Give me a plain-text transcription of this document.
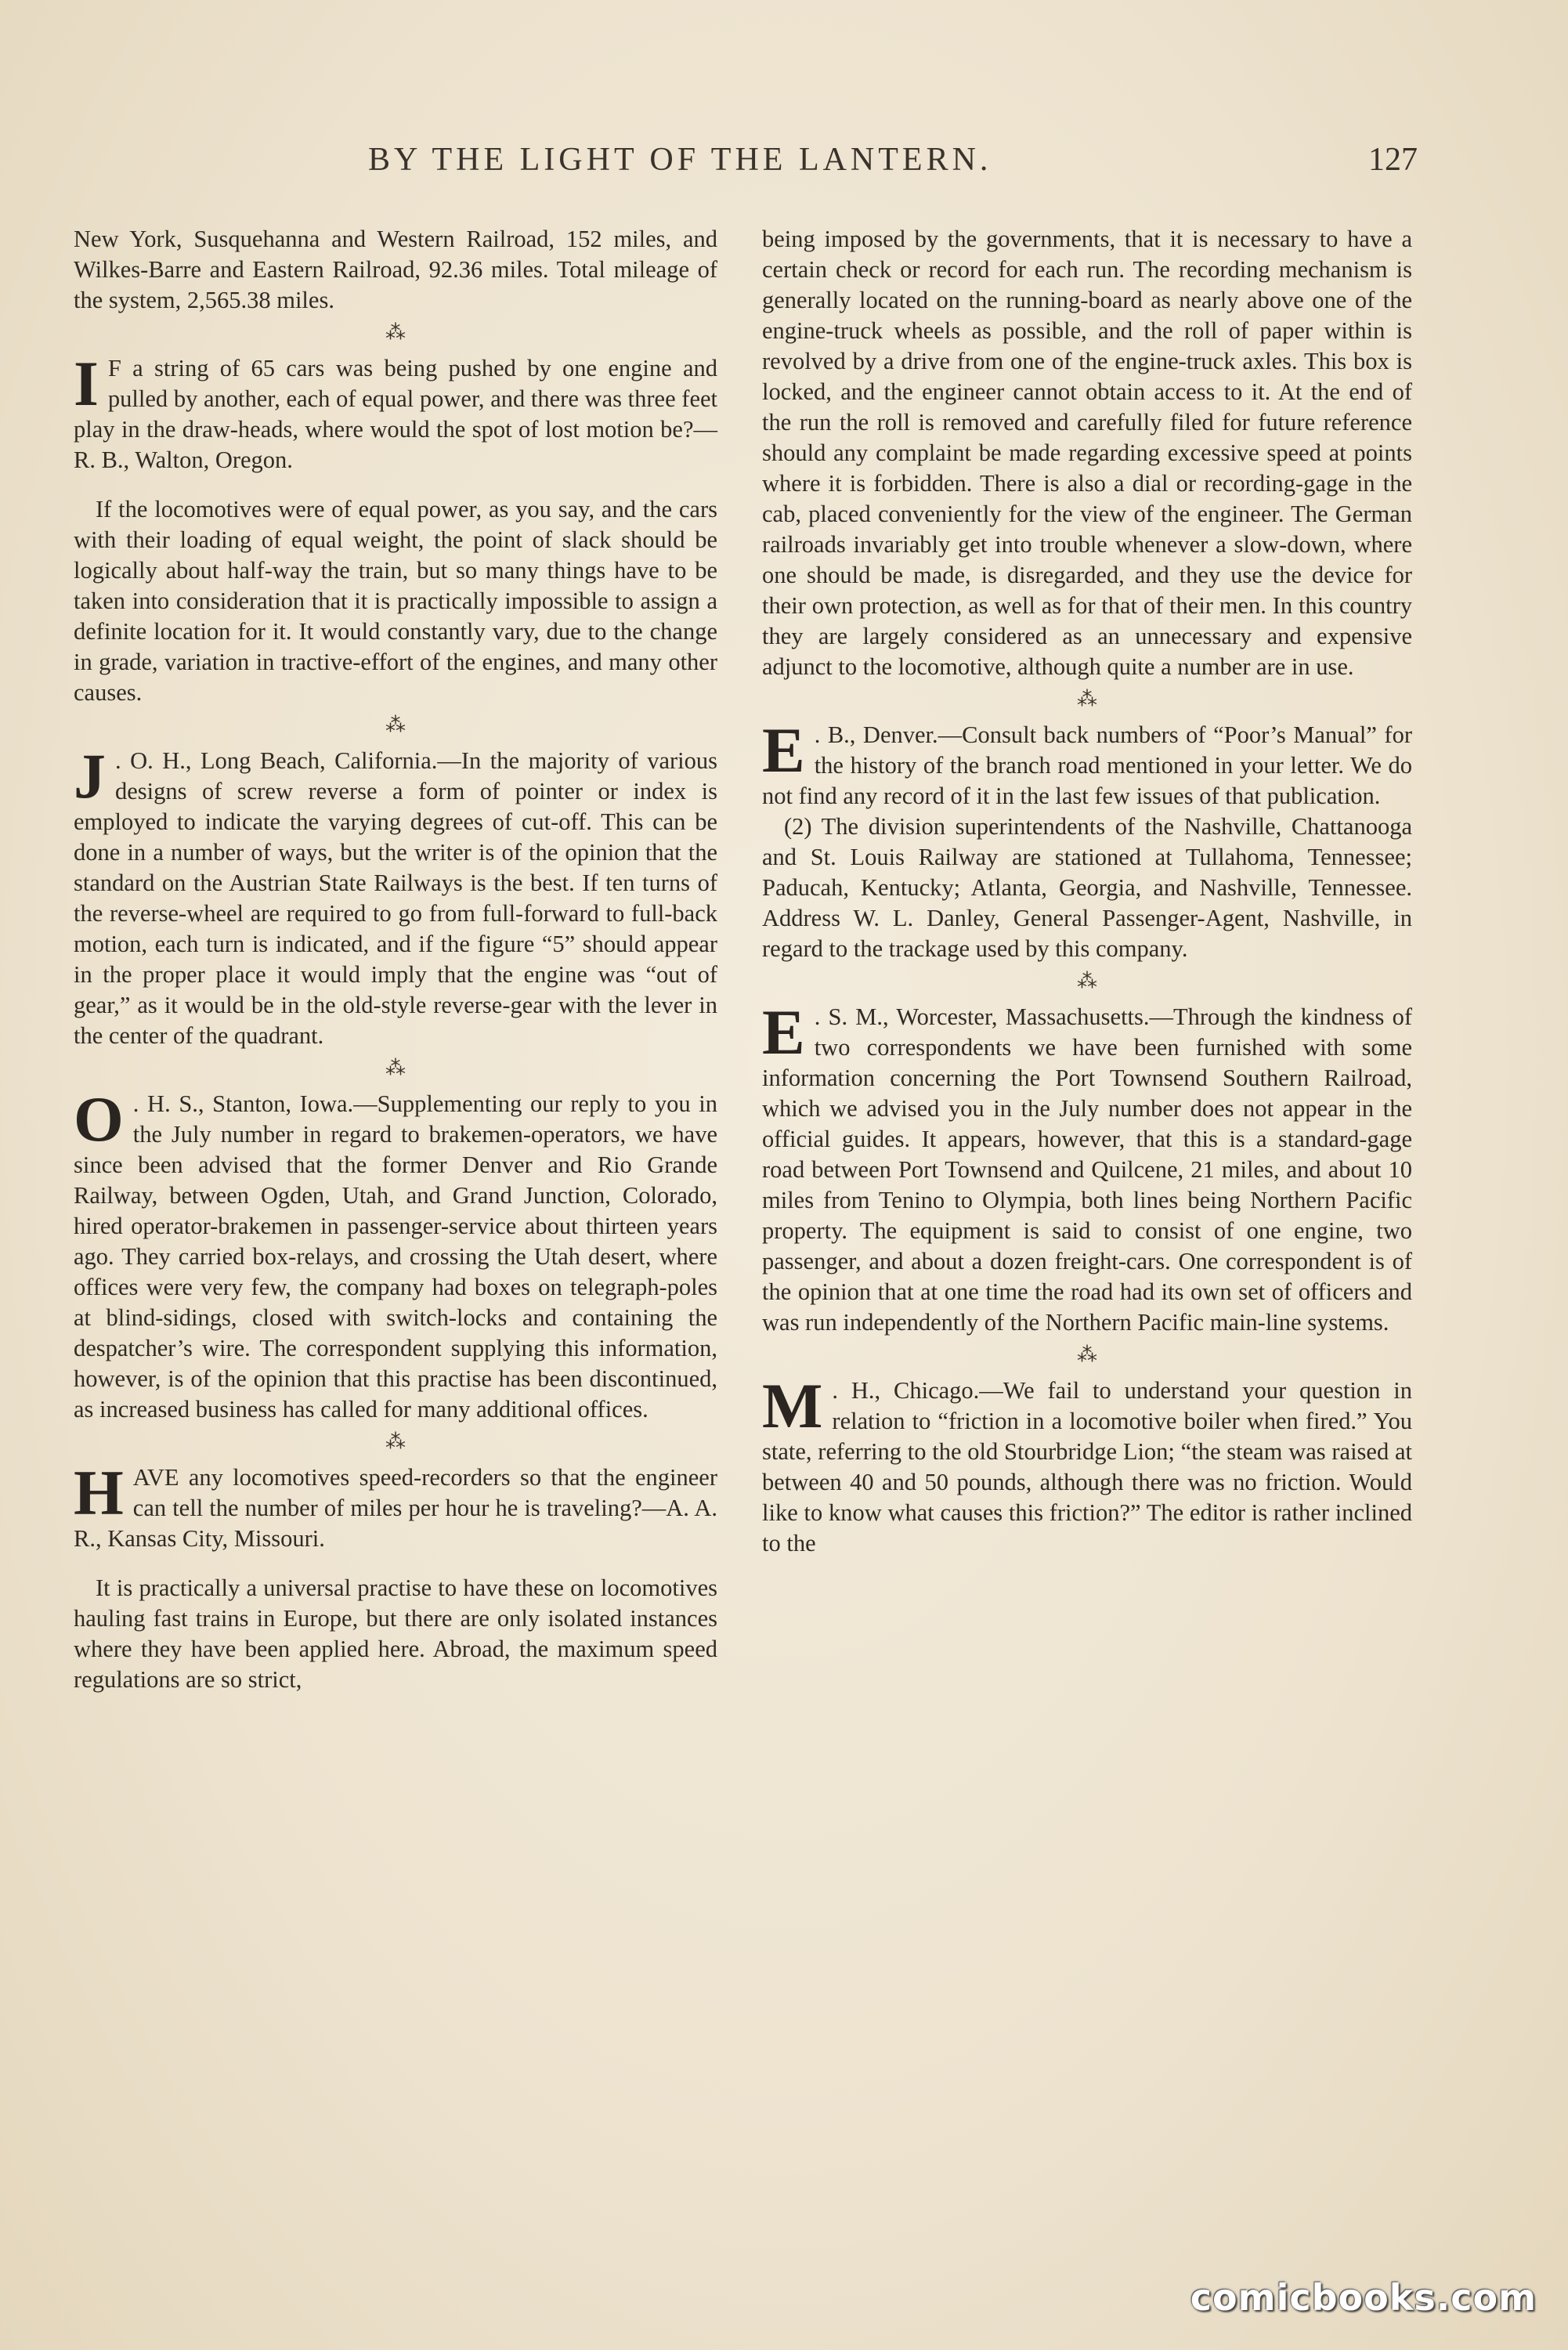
BY THE LIGHT OF THE LANTERN.	127

New York, Susquehanna and Western Railroad, 152 miles, and Wilkes-Barre and Eastern Railroad, 92.36 miles. Total mileage of the system, 2,565.38 miles.

⁂
I F a string of 65 cars was being pushed by one engine and pulled by another, each of equal power, and there was three feet play in the draw-heads, where would the spot of lost motion be?—R. B., Walton, Oregon.

If the locomotives were of equal power, as you say, and the cars with their loading of equal weight, the point of slack should be logically about half-way the train, but so many things have to be taken into consideration that it is practically impossible to assign a definite location for it. It would constantly vary, due to the change in grade, variation in tractive-effort of the engines, and many other causes.

⁂
J . O. H., Long Beach, California.—In the majority of various designs of screw reverse a form of pointer or index is employed to indicate the varying degrees of cut-off. This can be done in a number of ways, but the writer is of the opinion that the standard on the Austrian State Railways is the best. If ten turns of the reverse-wheel are required to go from full-forward to full-back motion, each turn is indicated, and if the figure “5” should appear in the proper place it would imply that the engine was “out of gear,” as it would be in the old-style reverse-gear with the lever in the center of the quadrant.
⁂
O . H. S., Stanton, Iowa.—Supplementing our reply to you in the July number in regard to brakemen-operators, we have since been advised that the former Denver and Rio Grande Railway, between Ogden, Utah, and Grand Junction, Colorado, hired operator-brakemen in passenger-service about thirteen years ago. They carried box-relays, and crossing the Utah desert, where offices were very few, the company had boxes on telegraph-poles at blind-sidings, closed with switch-locks and containing the despatcher’s wire. The correspondent supplying this information, however, is of the opinion that this practise has been discontinued, as increased business has called for many additional offices.
⁂
H AVE any locomotives speed-recorders so that the engineer can tell the number of miles per hour he is traveling?—A. A. R., Kansas City, Missouri.

It is practically a universal practise to have these on locomotives hauling fast trains in Europe, but there are only isolated instances where they have been applied here. Abroad, the maximum speed regulations are so strict,

being imposed by the governments, that it is necessary to have a certain check or record for each run. The recording mechanism is generally located on the running-board as nearly above one of the engine-truck wheels as possible, and the roll of paper within is revolved by a drive from one of the engine-truck axles. This box is locked, and the engineer cannot obtain access to it. At the end of the run the roll is removed and carefully filed for future reference should any complaint be made regarding excessive speed at points where it is forbidden. There is also a dial or recording-gage in the cab, placed conveniently for the view of the engineer. The German railroads invariably get into trouble whenever a slow-down, where one should be made, is disregarded, and they use the device for their own protection, as well as for that of their men. In this country they are largely considered as an unnecessary and expensive adjunct to the locomotive, although quite a number are in use.

⁂
E . B., Denver.—Consult back numbers of “Poor’s Manual” for the history of the branch road mentioned in your letter. We do not find any record of it in the last few issues of that publication.

(2) The division superintendents of the Nashville, Chattanooga and St. Louis Railway are stationed at Tullahoma, Tennessee; Paducah, Kentucky; Atlanta, Georgia, and Nashville, Tennessee. Address W. L. Danley, General Passenger-Agent, Nashville, in regard to the trackage used by this company.

⁂
E . S. M., Worcester, Massachusetts.—Through the kindness of two correspondents we have been furnished with some information concerning the Port Townsend Southern Railroad, which we advised you in the July number does not appear in the official guides. It appears, however, that this is a standard-gage road between Port Townsend and Quilcene, 21 miles, and about 10 miles from Tenino to Olympia, both lines being Northern Pacific property. The equipment is said to consist of one engine, two passenger, and about a dozen freight-cars. One correspondent is of the opinion that at one time the road had its own set of officers and was run independently of the Northern Pacific main-line systems.
⁂
M . H., Chicago.—We fail to understand your question in relation to “friction in a locomotive boiler when fired.” You state, referring to the old Stourbridge Lion; “the steam was raised at between 40 and 50 pounds, although there was no friction. Would like to know what causes this friction?” The editor is rather inclined to the
comicbooks.com
